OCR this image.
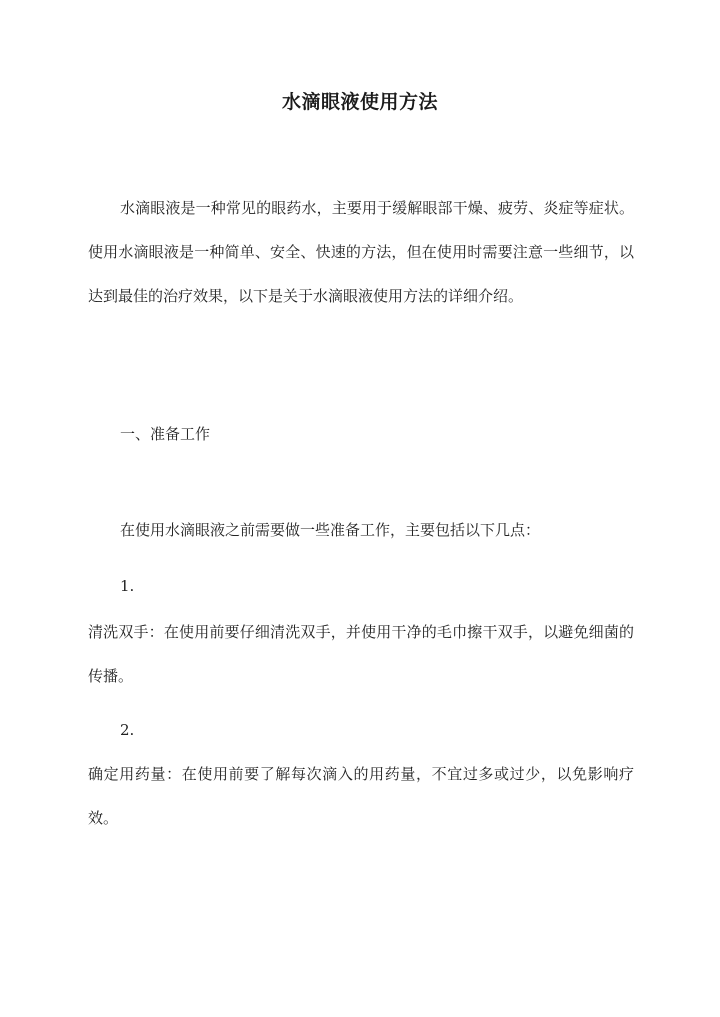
水滴眼液使用方法

水滴眼液是一种常见的眼药水，主要用于缓解眼部干燥、疲劳、炎症等症状。使用水滴眼液是一种简单、安全、快速的方法，但在使用时需要注意一些细节，以达到最佳的治疗效果，以下是关于水滴眼液使用方法的详细介绍。

一、准备工作

在使用水滴眼液之前需要做一些准备工作，主要包括以下几点：

1.

清洗双手：在使用前要仔细清洗双手，并使用干净的毛巾擦干双手，以避免细菌的传播。

2.

确定用药量：在使用前要了解每次滴入的用药量，不宜过多或过少，以免影响疗效。
